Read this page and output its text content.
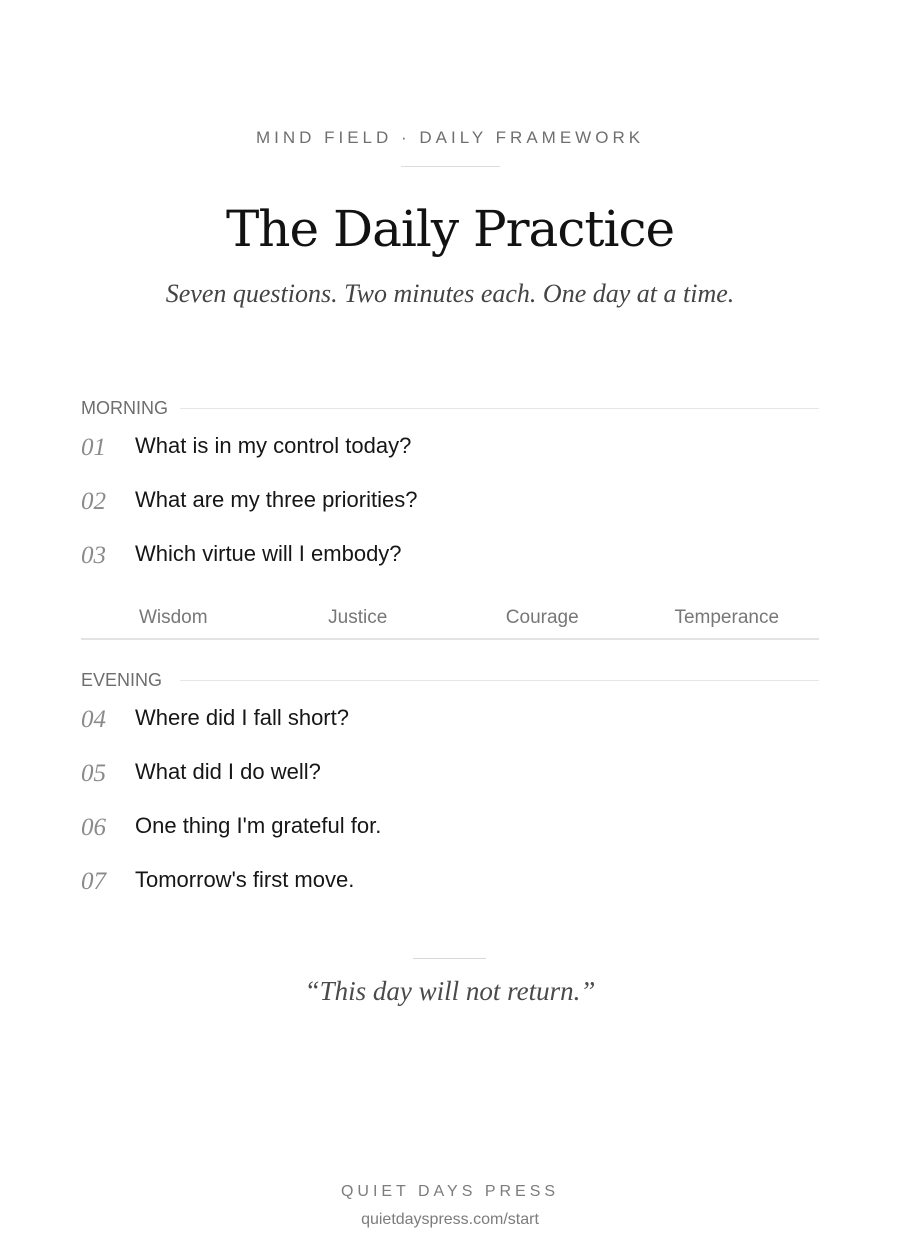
MIND FIELD · DAILY FRAMEWORK
The Daily Practice
Seven questions. Two minutes each. One day at a time.
MORNING
01 What is in my control today?
02 What are my three priorities?
03 Which virtue will I embody?
Wisdom	Justice	Courage	Temperance
EVENING
04 Where did I fall short?
05 What did I do well?
06 One thing I'm grateful for.
07 Tomorrow's first move.
“This day will not return.”
QUIET DAYS PRESS
quietdayspress.com/start
